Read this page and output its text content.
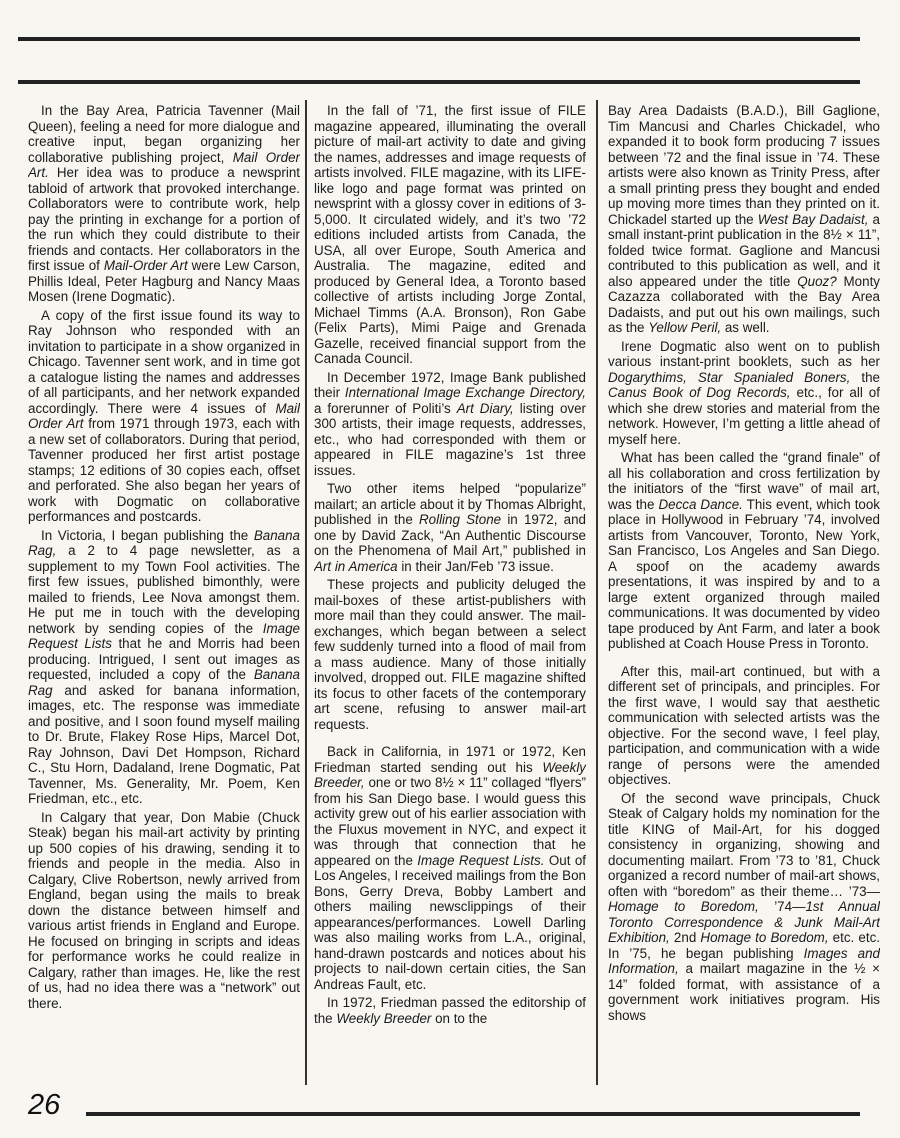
In the Bay Area, Patricia Tavenner (Mail Queen), feeling a need for more dialogue and creative input, began organizing her collaborative publishing project, Mail Order Art. Her idea was to produce a newsprint tabloid of artwork that provoked interchange. Collaborators were to contribute work, help pay the printing in exchange for a portion of the run which they could distribute to their friends and contacts. Her collaborators in the first issue of Mail-Order Art were Lew Carson, Phillis Ideal, Peter Hagburg and Nancy Maas Mosen (Irene Dogmatic).

A copy of the first issue found its way to Ray Johnson who responded with an invitation to participate in a show organized in Chicago. Tavenner sent work, and in time got a catalogue listing the names and addresses of all participants, and her network expanded accordingly. There were 4 issues of Mail Order Art from 1971 through 1973, each with a new set of collaborators. During that period, Tavenner produced her first artist postage stamps; 12 editions of 30 copies each, offset and perforated. She also began her years of work with Dogmatic on collaborative performances and postcards.

In Victoria, I began publishing the Banana Rag, a 2 to 4 page newsletter, as a supplement to my Town Fool activities. The first few issues, published bimonthly, were mailed to friends, Lee Nova amongst them. He put me in touch with the developing network by sending copies of the Image Request Lists that he and Morris had been producing. Intrigued, I sent out images as requested, included a copy of the Banana Rag and asked for banana information, images, etc. The response was immediate and positive, and I soon found myself mailing to Dr. Brute, Flakey Rose Hips, Marcel Dot, Ray Johnson, Davi Det Hompson, Richard C., Stu Horn, Dadaland, Irene Dogmatic, Pat Tavenner, Ms. Generality, Mr. Poem, Ken Friedman, etc., etc.

In Calgary that year, Don Mabie (Chuck Steak) began his mail-art activity by printing up 500 copies of his drawing, sending it to friends and people in the media. Also in Calgary, Clive Robertson, newly arrived from England, began using the mails to break down the distance between himself and various artist friends in England and Europe. He focused on bringing in scripts and ideas for performance works he could realize in Calgary, rather than images. He, like the rest of us, had no idea there was a “network” out there.

In the fall of ’71, the first issue of FILE magazine appeared, illuminating the overall picture of mail-art activity to date and giving the names, addresses and image requests of artists involved. FILE magazine, with its LIFE-like logo and page format was printed on newsprint with a glossy cover in editions of 3-5,000. It circulated widely, and it’s two ’72 editions included artists from Canada, the USA, all over Europe, South America and Australia. The magazine, edited and produced by General Idea, a Toronto based collective of artists including Jorge Zontal, Michael Timms (A.A. Bronson), Ron Gabe (Felix Parts), Mimi Paige and Grenada Gazelle, received financial support from the Canada Council.

In December 1972, Image Bank published their International Image Exchange Directory, a forerunner of Politi’s Art Diary, listing over 300 artists, their image requests, addresses, etc., who had corresponded with them or appeared in FILE magazine’s 1st three issues.

Two other items helped “popularize” mailart; an article about it by Thomas Albright, published in the Rolling Stone in 1972, and one by David Zack, “An Authentic Discourse on the Phenomena of Mail Art,” published in Art in America in their Jan/Feb ’73 issue.

These projects and publicity deluged the mail-boxes of these artist-publishers with more mail than they could answer. The mail-exchanges, which began between a select few suddenly turned into a flood of mail from a mass audience. Many of those initially involved, dropped out. FILE magazine shifted its focus to other facets of the contemporary art scene, refusing to answer mail-art requests.

Back in California, in 1971 or 1972, Ken Friedman started sending out his Weekly Breeder, one or two 8½ × 11” collaged “flyers” from his San Diego base. I would guess this activity grew out of his earlier association with the Fluxus movement in NYC, and expect it was through that connection that he appeared on the Image Request Lists. Out of Los Angeles, I received mailings from the Bon Bons, Gerry Dreva, Bobby Lambert and others mailing newsclippings of their appearances/performances. Lowell Darling was also mailing works from L.A., original, hand-drawn postcards and notices about his projects to nail-down certain cities, the San Andreas Fault, etc.

In 1972, Friedman passed the editorship of the Weekly Breeder on to the

Bay Area Dadaists (B.A.D.), Bill Gaglione, Tim Mancusi and Charles Chickadel, who expanded it to book form producing 7 issues between ’72 and the final issue in ’74. These artists were also known as Trinity Press, after a small printing press they bought and ended up moving more times than they printed on it. Chickadel started up the West Bay Dadaist, a small instant-print publication in the 8½ × 11”, folded twice format. Gaglione and Mancusi contributed to this publication as well, and it also appeared under the title Quoz? Monty Cazazza collaborated with the Bay Area Dadaists, and put out his own mailings, such as the Yellow Peril, as well.

Irene Dogmatic also went on to publish various instant-print booklets, such as her Dogarythims, Star Spanialed Boners, the Canus Book of Dog Records, etc., for all of which she drew stories and material from the network. However, I’m getting a little ahead of myself here.

What has been called the “grand finale” of all his collaboration and cross fertilization by the initiators of the “first wave” of mail art, was the Decca Dance. This event, which took place in Hollywood in February ’74, involved artists from Vancouver, Toronto, New York, San Francisco, Los Angeles and San Diego. A spoof on the academy awards presentations, it was inspired by and to a large extent organized through mailed communications. It was documented by video tape produced by Ant Farm, and later a book published at Coach House Press in Toronto.

After this, mail-art continued, but with a different set of principals, and principles. For the first wave, I would say that aesthetic communication with selected artists was the objective. For the second wave, I feel play, participation, and communication with a wide range of persons were the amended objectives.

Of the second wave principals, Chuck Steak of Calgary holds my nomination for the title KING of Mail-Art, for his dogged consistency in organizing, showing and documenting mailart. From ’73 to ’81, Chuck organized a record number of mail-art shows, often with “boredom” as their theme… ’73—Homage to Boredom, ’74—1st Annual Toronto Correspondence & Junk Mail-Art Exhibition, 2nd Homage to Boredom, etc. etc. In ’75, he began publishing Images and Information, a mailart magazine in the ½ × 14” folded format, with assistance of a government work initiatives program. His shows

26
